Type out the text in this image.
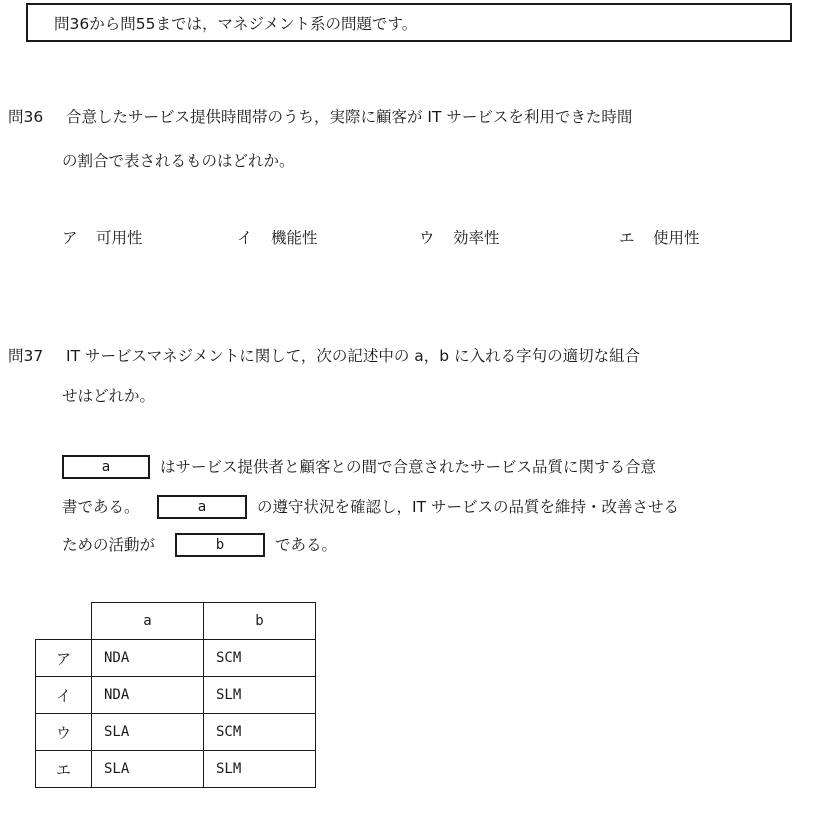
問36から問55までは，マネジメント系の問題です。
問36 合意したサービス提供時間帯のうち，実際に顧客が IT サービスを利用できた時間
の割合で表されるものはどれか。
ア 可用性	イ 機能性	ウ 効率性	エ 使用性
問37 IT サービスマネジメントに関して，次の記述中の a，b に入れる字句の適切な組合
せはどれか。
a	はサービス提供者と顧客との間で合意されたサービス品質に関する合意
書である。	a	の遵守状況を確認し，IT サービスの品質を維持・改善させる
ための活動が	b	である。
	a	b
ア	NDA	SCM
イ	NDA	SLM
ウ	SLA	SCM
エ	SLA	SLM
